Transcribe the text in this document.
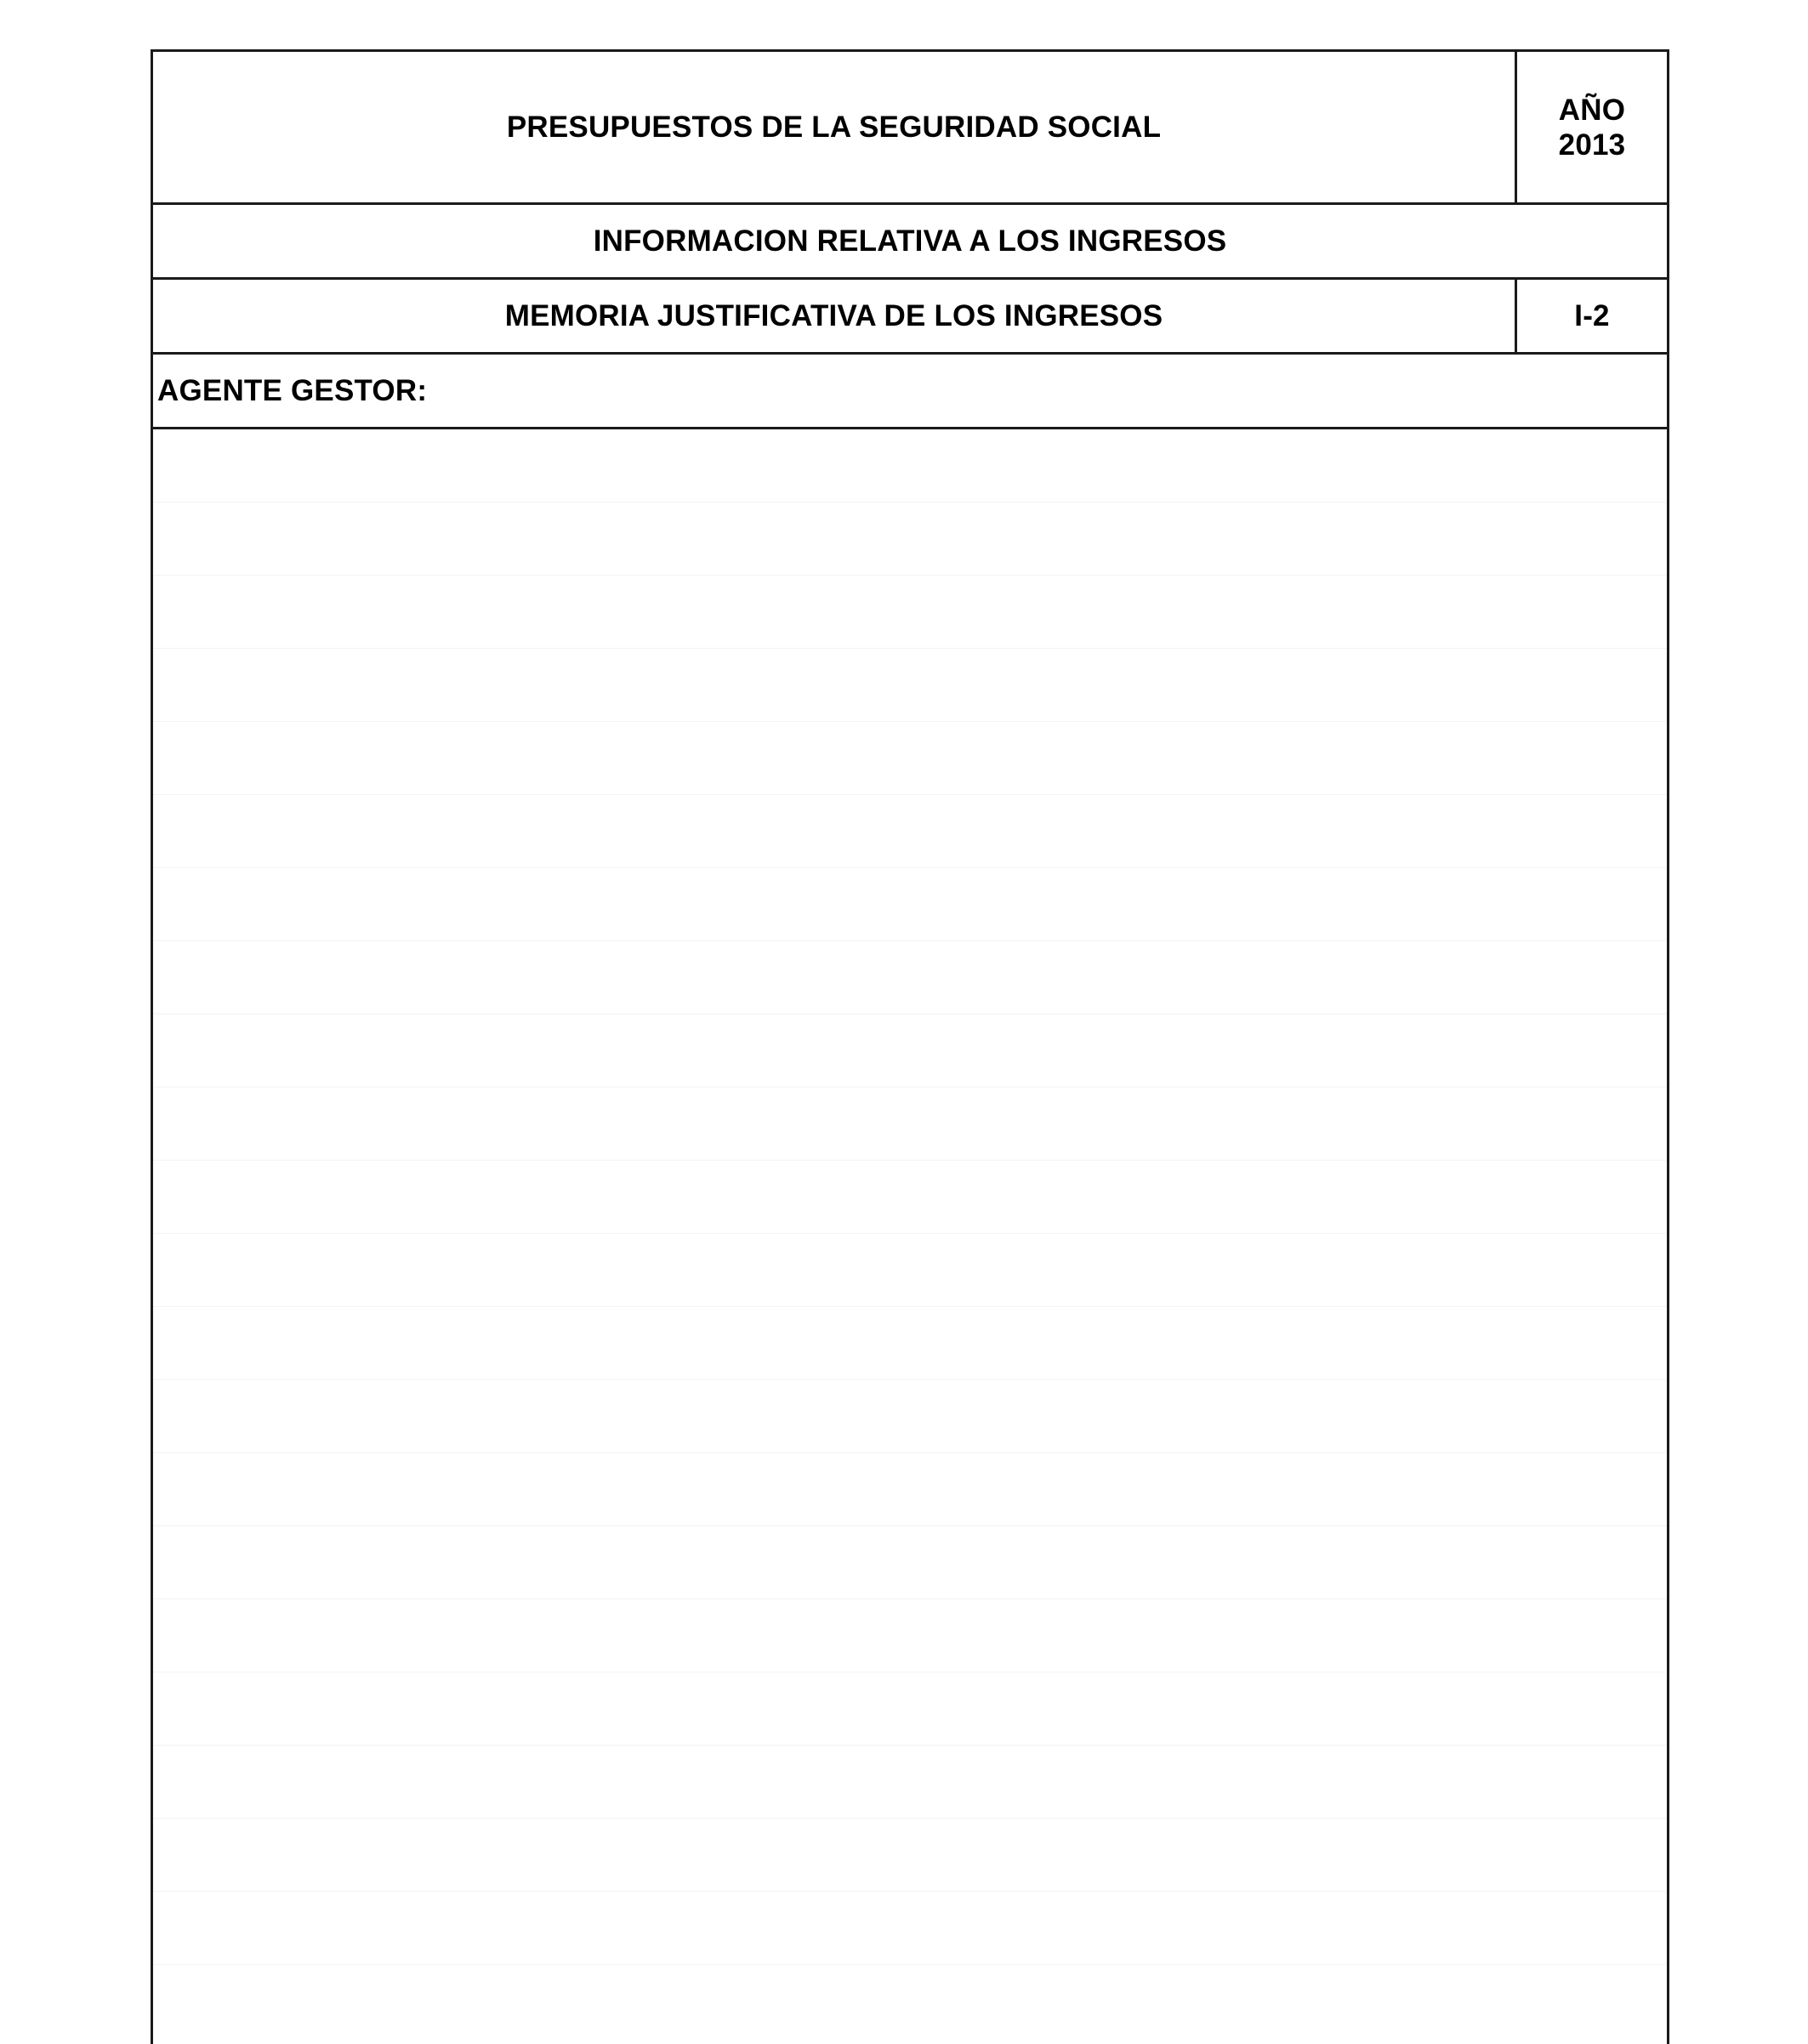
PRESUPUESTOS DE LA SEGURIDAD SOCIAL
AÑO
2013
INFORMACION RELATIVA A LOS INGRESOS
MEMORIA JUSTIFICATIVA DE LOS INGRESOS	I-2
AGENTE GESTOR:
